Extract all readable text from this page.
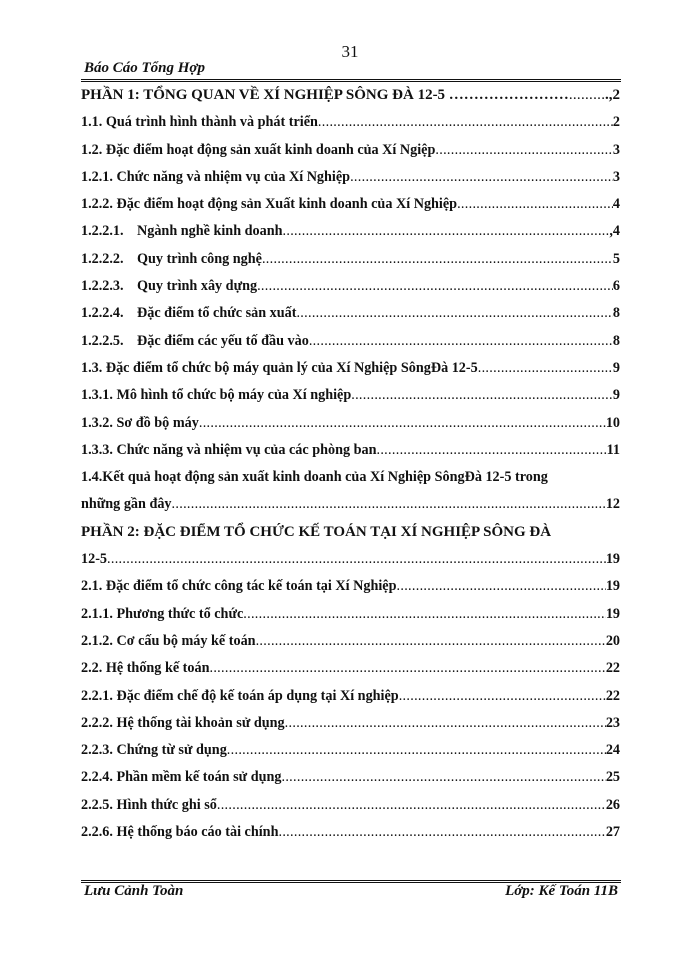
31
Báo Cáo Tổng Hợp
PHẦN 1: TỔNG QUAN VỀ XÍ NGHIỆP SÔNG ĐÀ 12-5 …………………… ..... .,2
1.1. Quá trình hình thành và phát triển .....	2
1.2. Đặc điểm hoạt động sản xuất kinh doanh của Xí Ngiệp .....	3
1.2.1. Chức năng và nhiệm vụ của Xí Nghiệp .....	3
1.2.2. Đặc điểm hoạt động sản Xuất kinh doanh của Xí Nghiệp .....	4
1.2.2.1. Ngành nghề kinh doanh .....	,4
1.2.2.2. Quy trình công nghệ .....	5
1.2.2.3. Quy trình xây dựng .....	6
1.2.2.4. Đặc điểm tổ chức sản xuất .....	8
1.2.2.5. Đặc điểm các yếu tố đầu vào .....	8
1.3. Đặc điểm tổ chức bộ máy quản lý của Xí Nghiệp SôngĐà 12-5 .....	9
1.3.1. Mô hình tổ chức bộ máy của Xí nghiệp .....	9
1.3.2. Sơ đồ bộ máy .....	10
1.3.3. Chức năng và nhiệm vụ của các phòng ban .....	11
1.4.Kết quả hoạt động sản xuất kinh doanh của Xí Nghiệp SôngĐà 12-5 trong
những gần đây .....	12
PHẦN 2: ĐẶC ĐIỂM TỔ CHỨC KẾ TOÁN TẠI XÍ NGHIỆP SÔNG ĐÀ
12-5 .....	19
2.1. Đặc điểm tổ chức công tác kế toán tại Xí Nghiệp .....	19
2.1.1. Phương thức tổ chức .....	19
2.1.2. Cơ cấu bộ máy kế toán .....	20
2.2. Hệ thống kế toán .....	22
2.2.1. Đặc điểm chế độ kế toán áp dụng tại Xí nghiệp .....	22
2.2.2. Hệ thống tài khoản sử dụng .....	23
2.2.3. Chứng từ sử dụng .....	24
2.2.4. Phần mềm kế toán sử dụng .....	25
2.2.5. Hình thức ghi sổ .....	26
2.2.6. Hệ thống báo cáo tài chính .....	27
Lưu Cảnh Toàn	Lớp: Kế Toán 11B
